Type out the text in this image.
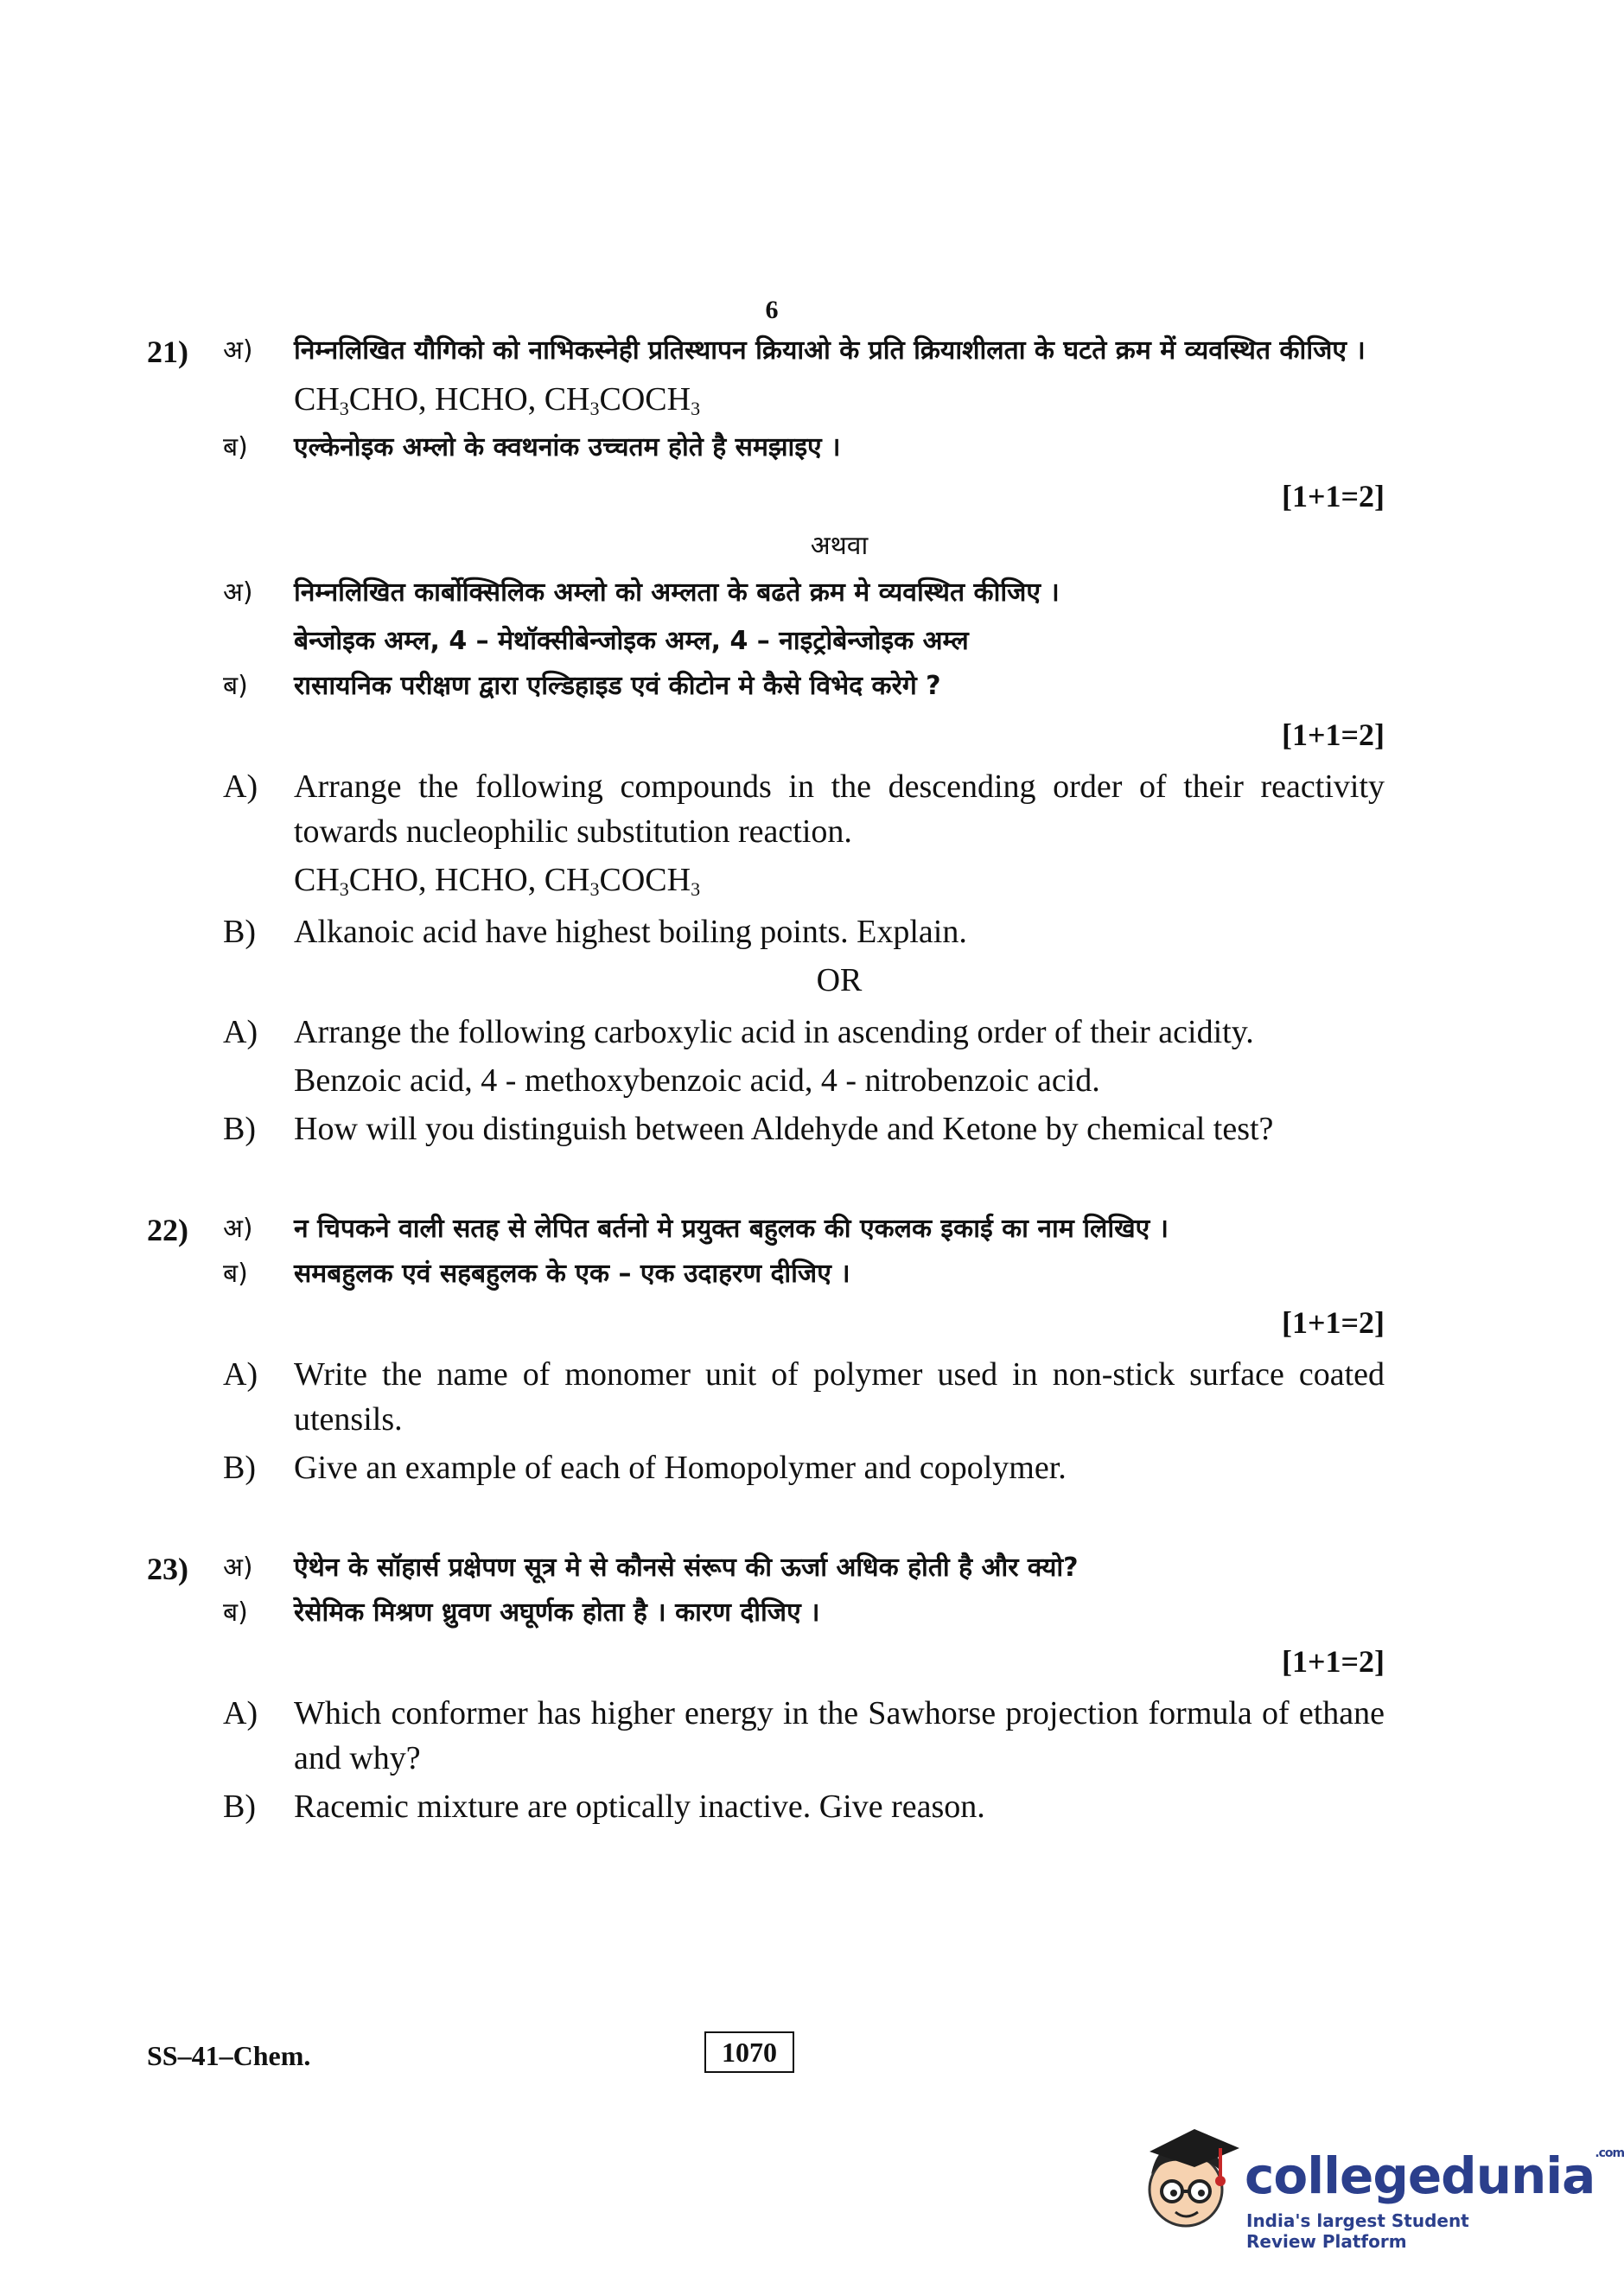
6
अ)	निम्नलिखित यौगिको को नाभिकस्नेही प्रतिस्थापन क्रियाओ के प्रति क्रियाशीलता के घटते क्रम में व्यवस्थित कीजिए ।
21)
$CH_3CHO$, HCHO, $CH_3COCH_3$
ब)	एल्केनोइक अम्लो के क्वथनांक उच्चतम होते है समझाइए ।
[1+1=2]
अथवा
अ)	निम्नलिखित कार्बोक्सिलिक अम्लो को अम्लता के बढते क्रम मे व्यवस्थित कीजिए ।
बेन्जोइक अम्ल, 4 – मेथॉक्सीबेन्जोइक अम्ल, 4 – नाइट्रोबेन्जोइक अम्ल
ब)	रासायनिक परीक्षण द्वारा एल्डिहाइड एवं कीटोन मे कैसे विभेद करेगे ?
[1+1=2]
A)	Arrange the following compounds in the descending order of their reactivity towards nucleophilic substitution reaction.
$CH_3CHO$, HCHO, $CH_3COCH_3$
B)	Alkanoic acid have highest boiling points. Explain.
OR
A)	Arrange the following carboxylic acid in ascending order of their acidity.
Benzoic acid, 4 - methoxybenzoic acid, 4 - nitrobenzoic acid.
B)	How will you distinguish between Aldehyde and Ketone by chemical test?
अ)	न चिपकने वाली सतह से लेपित बर्तनो मे प्रयुक्त बहुलक की एकलक इकाई का नाम लिखिए ।
22)
ब)	समबहुलक एवं सहबहुलक के एक – एक उदाहरण दीजिए ।
[1+1=2]
A)	Write the name of monomer unit of polymer used in non-stick surface coated utensils.
B)	Give an example of each of Homopolymer and copolymer.
अ)	ऐथेन के सॉहार्स प्रक्षेपण सूत्र मे से कौनसे संरूप की ऊर्जा अधिक होती है और क्यो?
23)
ब)	रेसेमिक मिश्रण ध्रुवण अघूर्णक होता है । कारण दीजिए ।
[1+1=2]
A)	Which conformer has higher energy in the Sawhorse projection formula of ethane and why?
B)	Racemic mixture are optically inactive. Give reason.
SS–41–Chem.	1070
collegedunia$^{.com}$
India's largest Student Review Platform
